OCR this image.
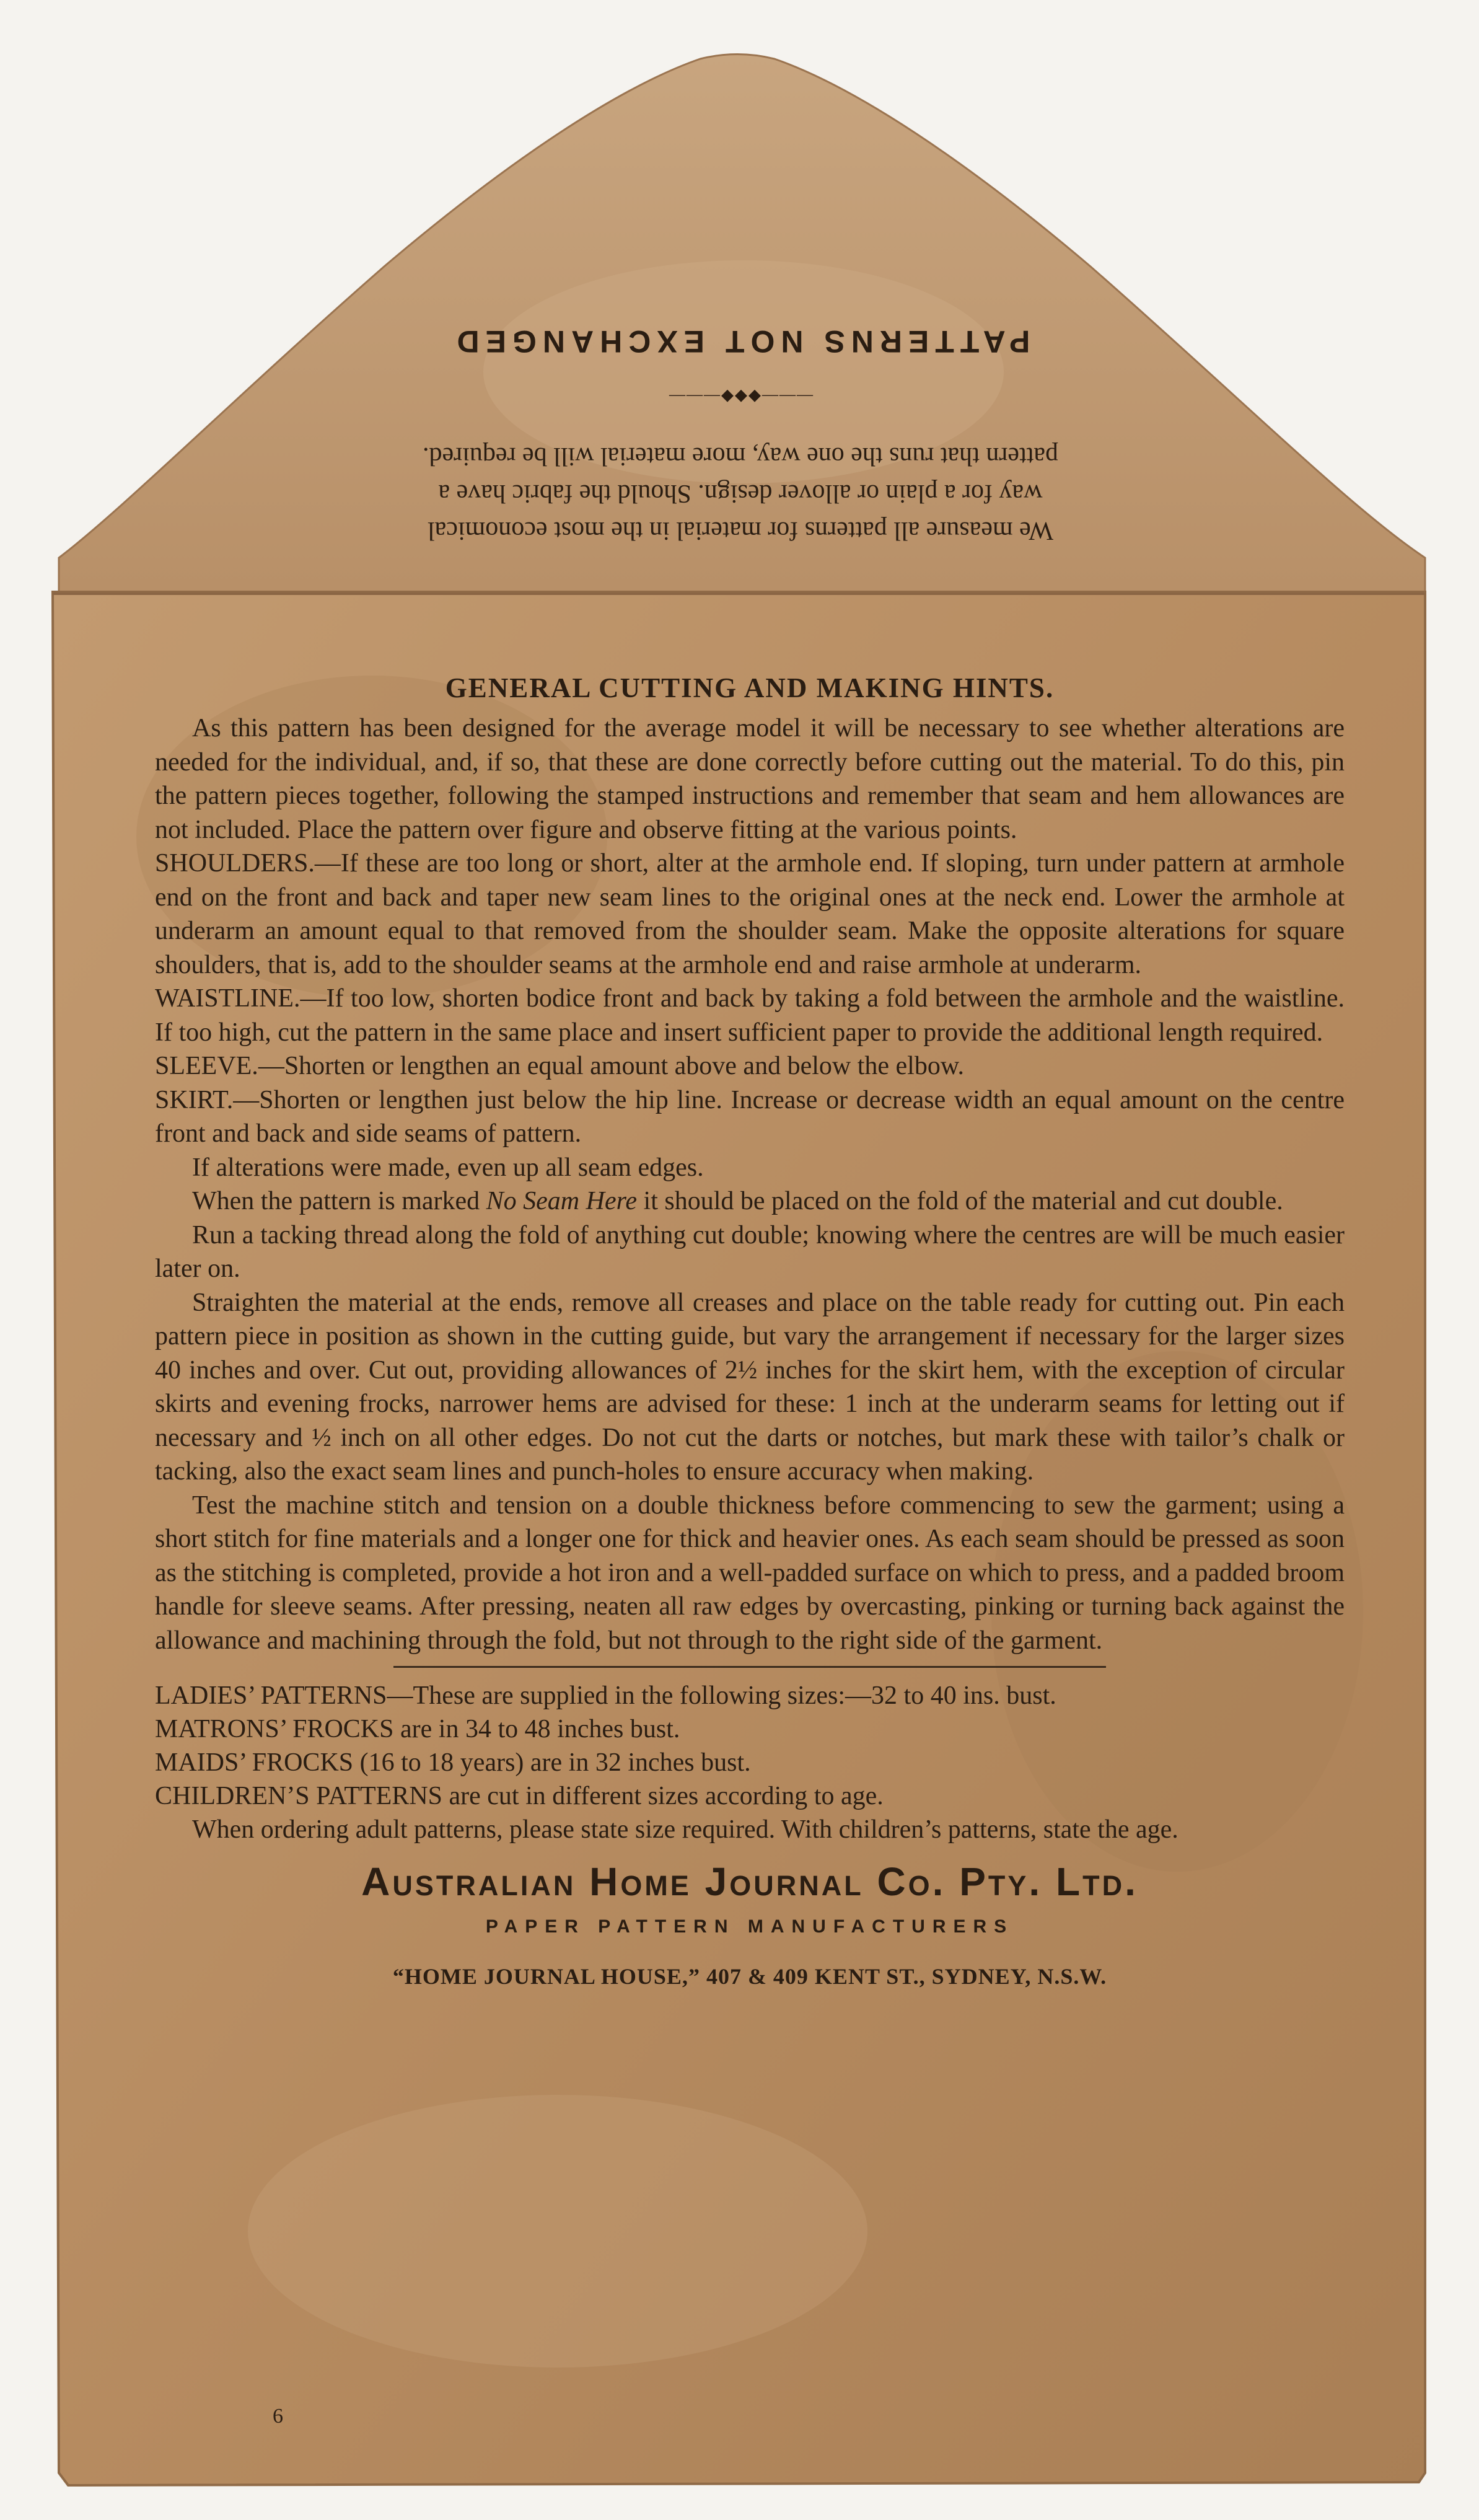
We measure all patterns for material in the most economical
way for a plain or allover design. Should the fabric have a
pattern that runs the one way, more material will be required.
———◆◆◆———
PATTERNS NOT EXCHANGED
GENERAL CUTTING AND MAKING HINTS.

As this pattern has been designed for the average model it will be necessary to see whether alterations are needed for the individual, and, if so, that these are done correctly before cutting out the material. To do this, pin the pattern pieces together, following the stamped instructions and remember that seam and hem allowances are not included. Place the pattern over figure and observe fitting at the various points.

SHOULDERS.—If these are too long or short, alter at the armhole end. If sloping, turn under pattern at armhole end on the front and back and taper new seam lines to the original ones at the neck end. Lower the armhole at underarm an amount equal to that removed from the shoulder seam. Make the opposite alterations for square shoulders, that is, add to the shoulder seams at the armhole end and raise armhole at underarm.

WAISTLINE.—If too low, shorten bodice front and back by taking a fold between the armhole and the waistline. If too high, cut the pattern in the same place and insert sufficient paper to provide the additional length required.

SLEEVE.—Shorten or lengthen an equal amount above and below the elbow.

SKIRT.—Shorten or lengthen just below the hip line. Increase or decrease width an equal amount on the centre front and back and side seams of pattern.

If alterations were made, even up all seam edges.

When the pattern is marked No Seam Here it should be placed on the fold of the material and cut double.

Run a tacking thread along the fold of anything cut double; knowing where the centres are will be much easier later on.

Straighten the material at the ends, remove all creases and place on the table ready for cutting out. Pin each pattern piece in position as shown in the cutting guide, but vary the arrangement if necessary for the larger sizes 40 inches and over. Cut out, providing allowances of 2½ inches for the skirt hem, with the exception of circular skirts and evening frocks, narrower hems are advised for these: 1 inch at the underarm seams for letting out if necessary and ½ inch on all other edges. Do not cut the darts or notches, but mark these with tailor’s chalk or tacking, also the exact seam lines and punch-holes to ensure accuracy when making.

Test the machine stitch and tension on a double thickness before commencing to sew the garment; using a short stitch for fine materials and a longer one for thick and heavier ones. As each seam should be pressed as soon as the stitching is completed, provide a hot iron and a well-padded surface on which to press, and a padded broom handle for sleeve seams. After pressing, neaten all raw edges by overcasting, pinking or turning back against the allowance and machining through the fold, but not through to the right side of the garment.

LADIES’ PATTERNS—These are supplied in the following sizes:—32 to 40 ins. bust.
MATRONS’ FROCKS are in 34 to 48 inches bust.
MAIDS’ FROCKS (16 to 18 years) are in 32 inches bust.
CHILDREN’S PATTERNS are cut in different sizes according to age.

When ordering adult patterns, please state size required. With children’s patterns, state the age.

Australian Home Journal Co. Pty. Ltd.
PAPER PATTERN MANUFACTURERS
“HOME JOURNAL HOUSE,” 407 & 409 KENT ST., SYDNEY, N.S.W.
6
